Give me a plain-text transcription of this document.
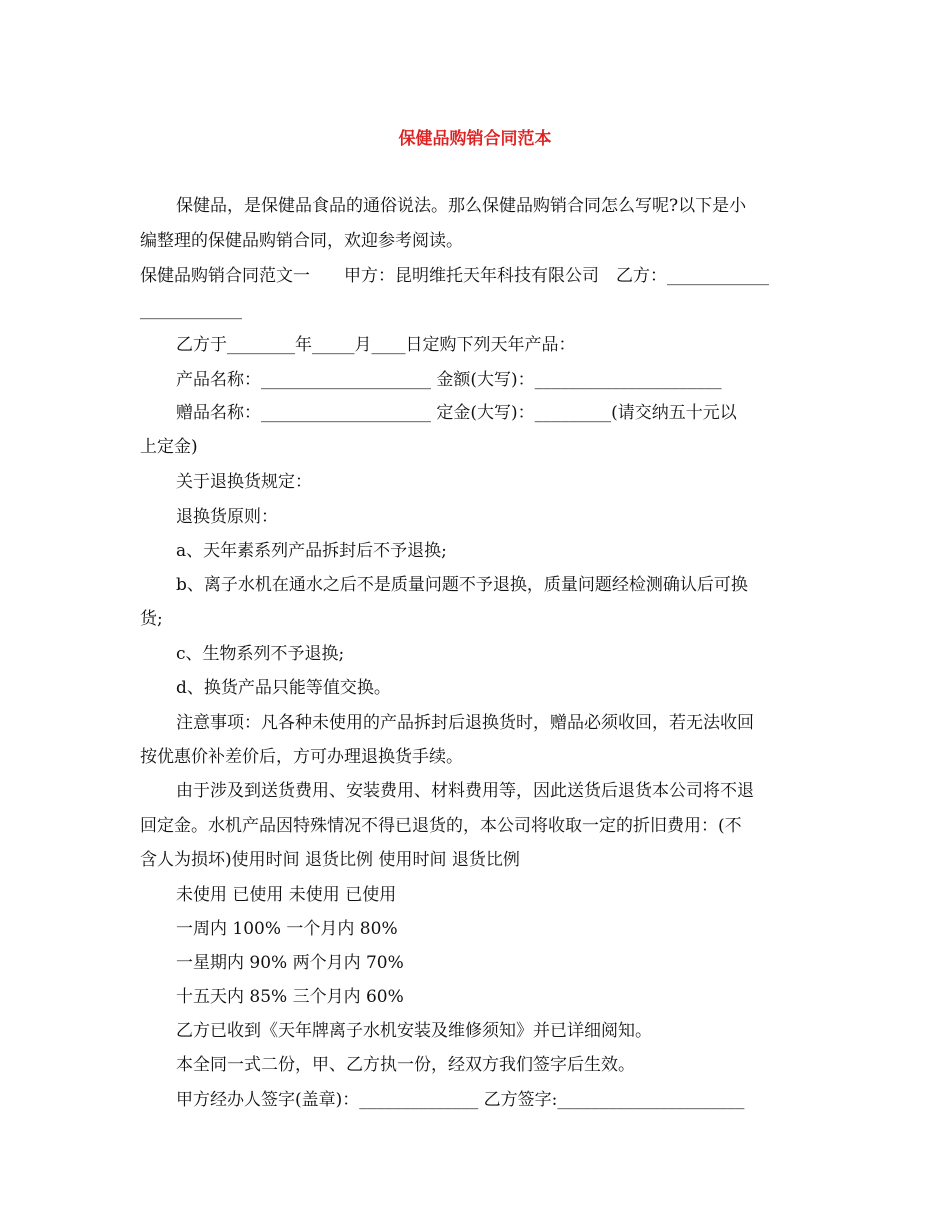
保健品购销合同范本
保健品，是保健品食品的通俗说法。那么保健品购销合同怎么写呢?以下是小
编整理的保健品购销合同，欢迎参考阅读。
保健品购销合同范文一　　甲方：昆明维托天年科技有限公司　乙方：____________
____________
乙方于________年_____月____日定购下列天年产品：
产品名称：____________________ 金额(大写)：______________________
赠品名称：____________________ 定金(大写)：_________(请交纳五十元以
上定金)
关于退换货规定：
退换货原则：
a、天年素系列产品拆封后不予退换;
b、离子水机在通水之后不是质量问题不予退换，质量问题经检测确认后可换
货;
c、生物系列不予退换;
d、换货产品只能等值交换。
注意事项：凡各种未使用的产品拆封后退换货时，赠品必须收回，若无法收回
按优惠价补差价后，方可办理退换货手续。
由于涉及到送货费用、安装费用、材料费用等，因此送货后退货本公司将不退
回定金。水机产品因特殊情况不得已退货的，本公司将收取一定的折旧费用：(不
含人为损坏)使用时间 退货比例 使用时间 退货比例
未使用 已使用 未使用 已使用
一周内 100% 一个月内 80%
一星期内 90% 两个月内 70%
十五天内 85% 三个月内 60%
乙方已收到《天年牌离子水机安装及维修须知》并已详细阅知。
本全同一式二份，甲、乙方执一份，经双方我们签字后生效。
甲方经办人签字(盖章)：______________ 乙方签字:______________________
